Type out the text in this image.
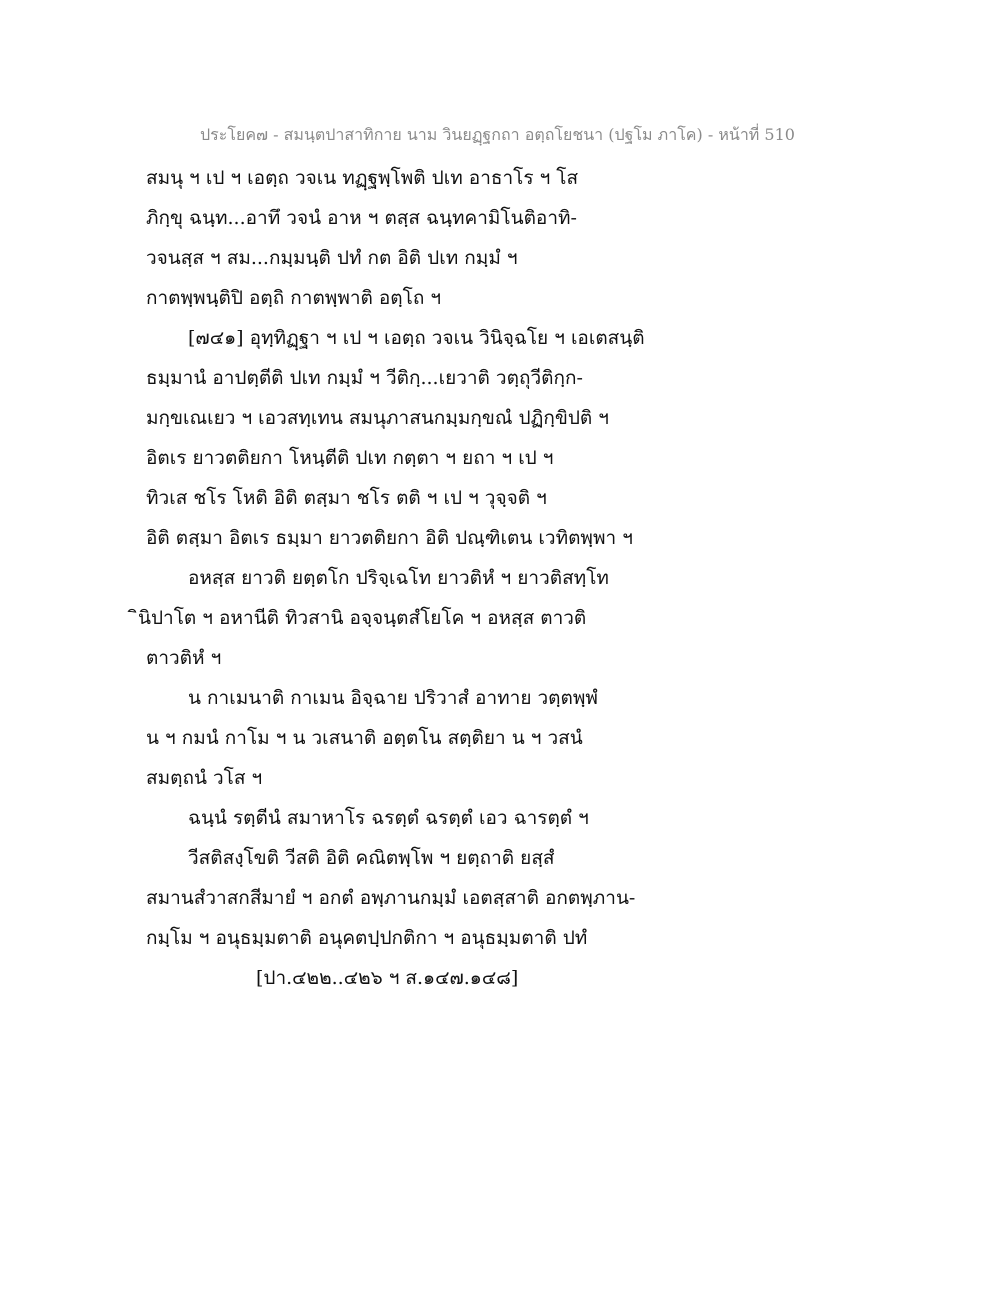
ประโยค๗ - สมนฺตปาสาทิกาย นาม วินยฏฺฐกถา อตฺถโยชนา (ปฐโม ภาโค) - หน้าที่ 510
สมนุ ฯ เป ฯ เอตฺถ วจเน ทฏฺฐพฺโพติ ปเท อาธาโร ฯ โส
ภิกฺขุ ฉนฺท...อาทึ วจนํ อาห ฯ ตสฺส ฉนฺทคามิโนติอาทิ-
วจนสฺส ฯ สม...กมฺมนฺติ ปทํ กต อิติ ปเท กมฺมํ ฯ
กาตพฺพนฺติปิ อตฺถิ กาตพฺพาติ อตฺโถ ฯ
[๗๔๑] อุทฺทิฏฺฐา ฯ เป ฯ เอตฺถ วจเน วินิจฺฉโย ฯ เอเตสนฺติ
ธมฺมานํ อาปตฺตีติ ปเท กมฺมํ ฯ วีติกฺ...เยวาติ วตฺถุวีติกฺก-
มกฺขเณเยว ฯ เอวสทฺเทน สมนุภาสนกมฺมกฺขณํ ปฏิกฺขิปติ ฯ
อิตเร ยาวตติยกา โหนฺตีติ ปเท กตฺตา ฯ ยถา ฯ เป ฯ
ทิวเส ชโร โหติ อิติ ตสฺมา ชโร ตติ ฯ เป ฯ วุจฺจติ ฯ
อิติ ตสฺมา อิตเร ธมฺมา ยาวตติยกา อิติ ปณฺฑิเตน เวทิตพฺพา ฯ
อหสฺส ยาวติ ยตฺตโก ปริจฺเฉโท ยาวติหํ ฯ ยาวติสทฺโท
ินิปาโต ฯ อหานีติ ทิวสานิ อจฺจนฺตสํโยโค ฯ อหสฺส ตาวติ
ตาวติหํ ฯ
น กาเมนาติ กาเมน อิจฺฉาย ปริวาสํ อาทาย วตฺตพฺพํ
น ฯ กมนํ กาโม ฯ น วเสนาติ อตฺตโน สตฺติยา น ฯ วสนํ
สมตฺถนํ วโส ฯ
ฉนฺนํ รตฺตีนํ สมาหาโร ฉรตฺตํ ฉรตฺตํ เอว ฉารตฺตํ ฯ
วีสติสงฺโขติ วีสติ อิติ คณิตพฺโพ ฯ ยตฺถาติ ยสฺสํ
สมานสํวาสกสีมายํ ฯ อกตํ อพฺภานกมฺมํ เอตสฺสาติ อกตพฺภาน-
กมฺโม ฯ อนุธมฺมตาติ อนุคตปฺปกติกา ฯ อนุธมฺมตาติ ปทํ
[ปา.๔๒๒..๔๒๖ ฯ ส.๑๔๗.๑๔๘]
